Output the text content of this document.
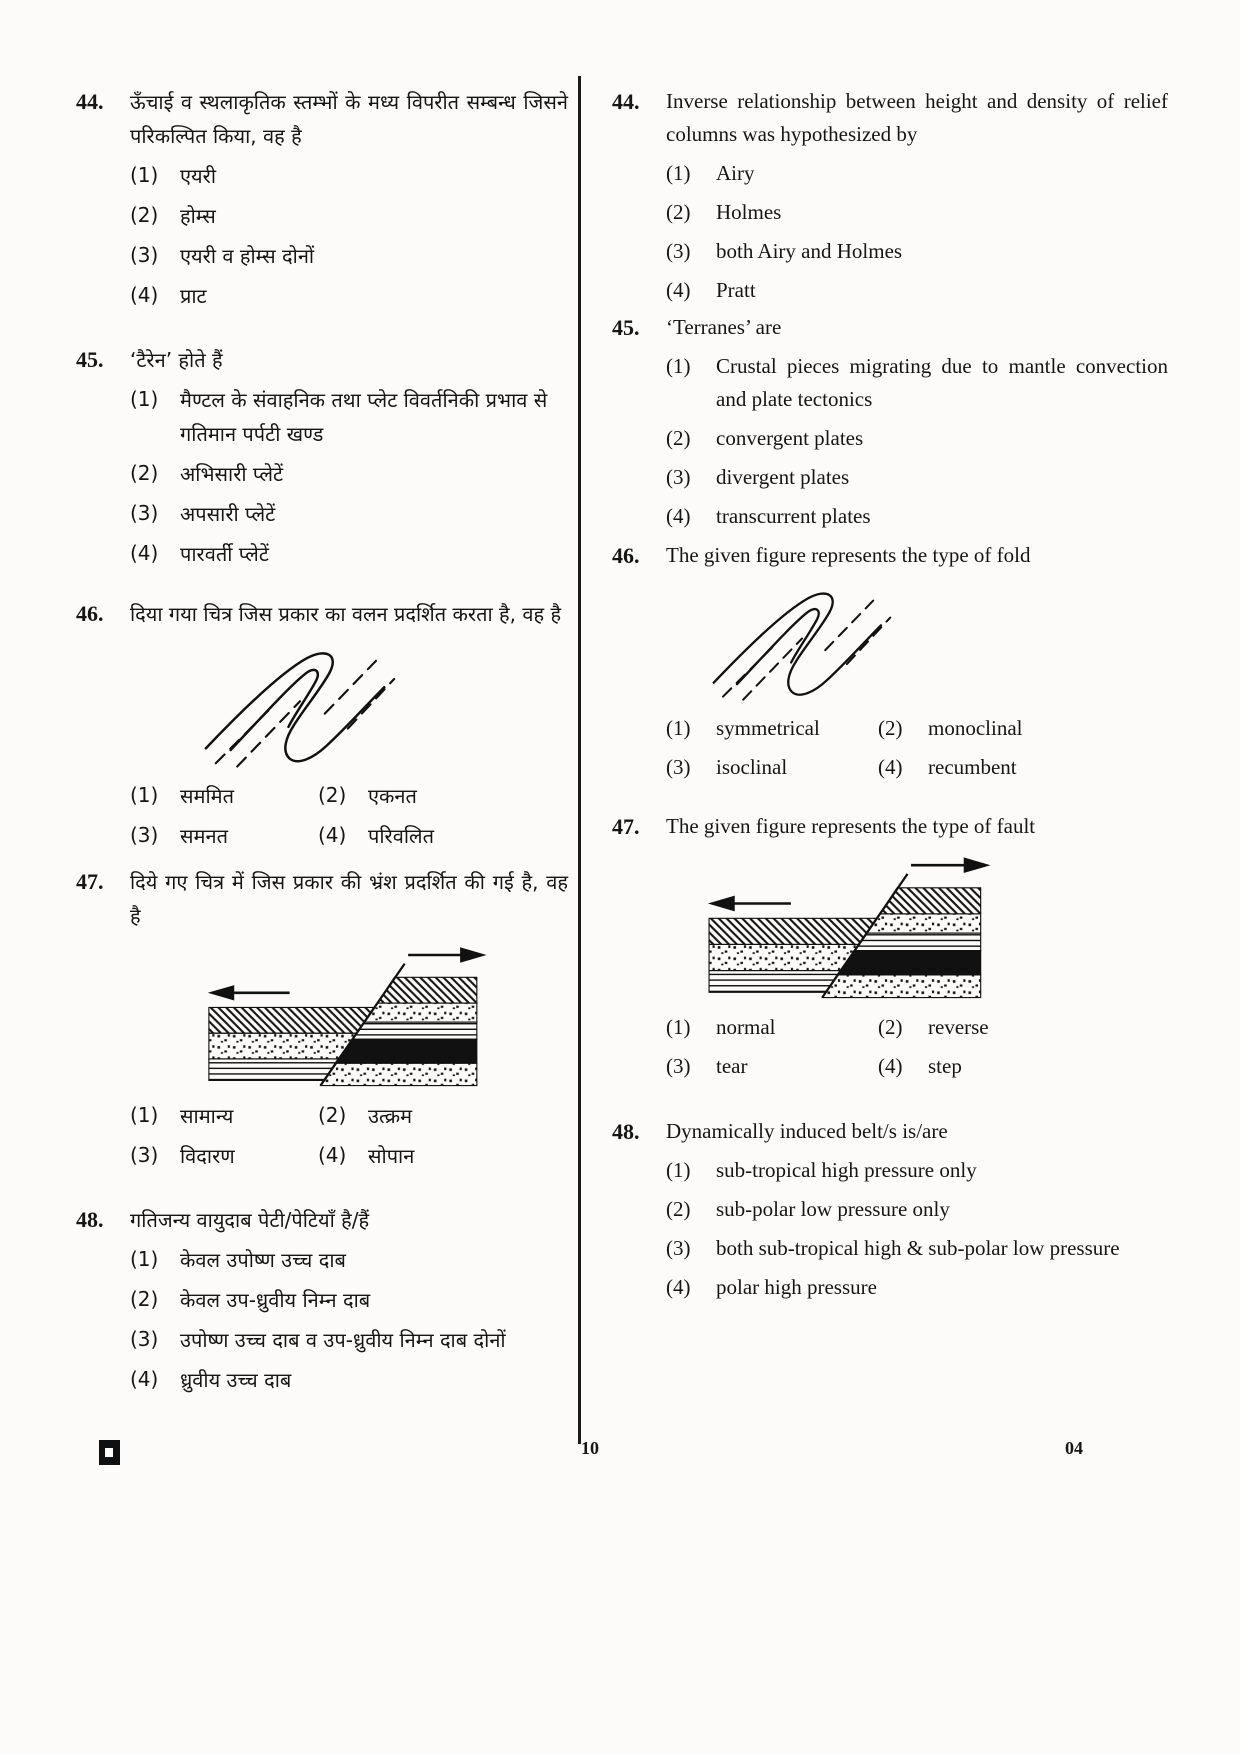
44.	ऊँचाई व स्थलाकृतिक स्तम्भों के मध्य विपरीत सम्बन्ध जिसने परिकल्पित किया, वह है
(1)	एयरी
(2)	होम्स
(3)	एयरी व होम्स दोनों
(4)	प्राट
45.	‘टैरेन’ होते हैं
(1)	मैण्टल के संवाहनिक तथा प्लेट विवर्तनिकी प्रभाव से गतिमान पर्पटी खण्ड
(2)	अभिसारी प्लेटें
(3)	अपसारी प्लेटें
(4)	पारवर्ती प्लेटें
46.	दिया गया चित्र जिस प्रकार का वलन प्रदर्शित करता है, वह है
(1)	सममित	(2)	एकनत
(3)	समनत	(4)	परिवलित
47.	दिये गए चित्र में जिस प्रकार की भ्रंश प्रदर्शित की गई है, वह है
(1)	सामान्य	(2)	उत्क्रम
(3)	विदारण	(4)	सोपान
48.	गतिजन्य वायुदाब पेटी/पेटियाँ है/हैं
(1)	केवल उपोष्ण उच्च दाब
(2)	केवल उप-ध्रुवीय निम्न दाब
(3)	उपोष्ण उच्च दाब व उप-ध्रुवीय निम्न दाब दोनों
(4)	ध्रुवीय उच्च दाब
44.	Inverse relationship between height and density of relief columns was hypothesized by
(1)	Airy
(2)	Holmes
(3)	both Airy and Holmes
(4)	Pratt
45.	‘Terranes’ are
(1)	Crustal pieces migrating due to mantle convection and plate tectonics
(2)	convergent plates
(3)	divergent plates
(4)	transcurrent plates
46.	The given figure represents the type of fold
(1)	symmetrical	(2)	monoclinal
(3)	isoclinal	(4)	recumbent
47.	The given figure represents the type of fault
(1)	normal	(2)	reverse
(3)	tear	(4)	step
48.	Dynamically induced belt/s is/are
(1)	sub-tropical high pressure only
(2)	sub-polar low pressure only
(3)	both sub-tropical high & sub-polar low pressure
(4)	polar high pressure
10	04
